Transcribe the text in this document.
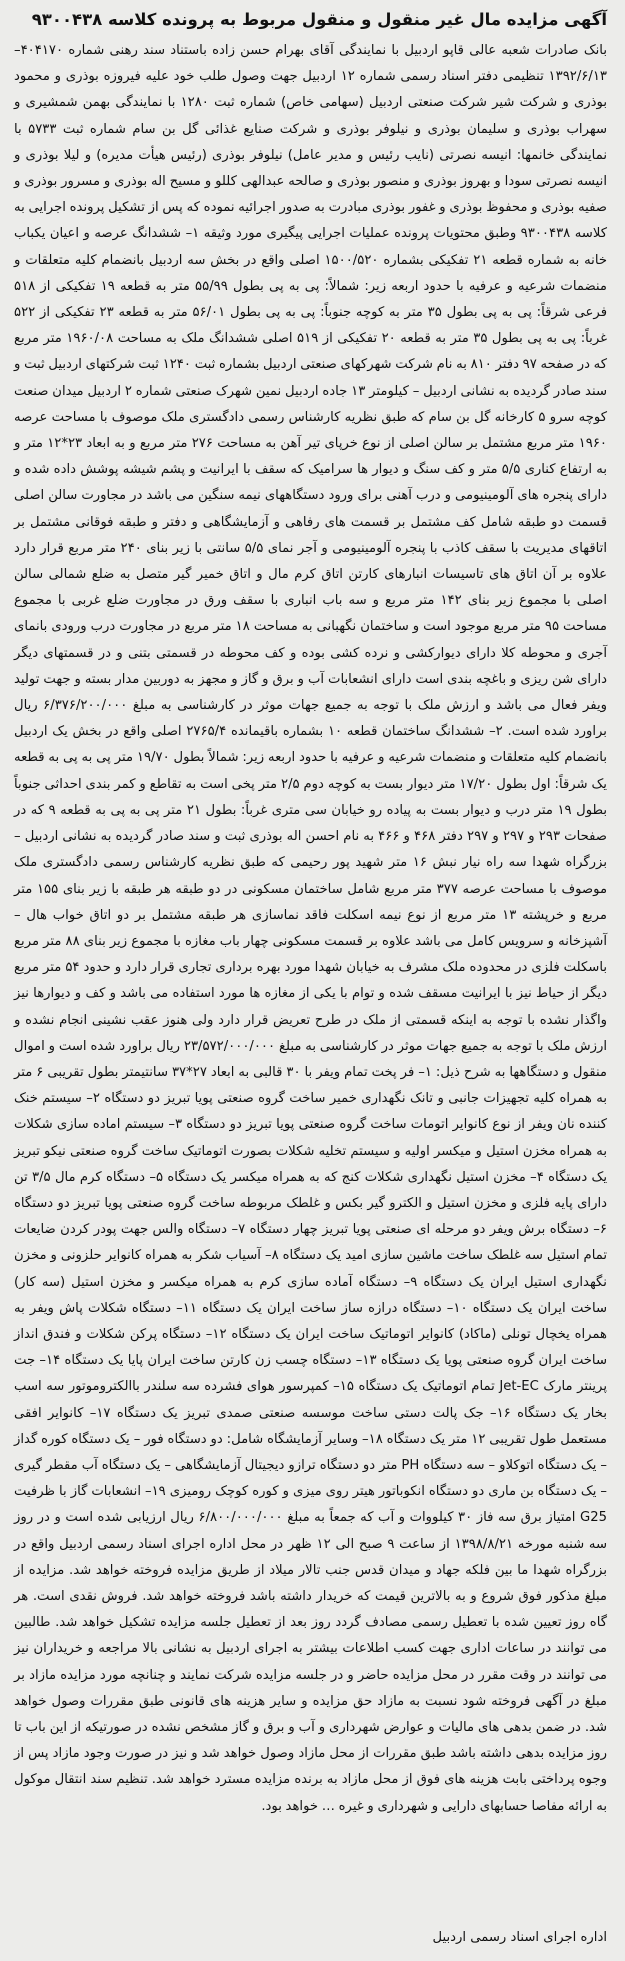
آگهی مزایده مال غیر منقول و منقول مربوط به پرونده کلاسه ۹۳۰۰۴۳۸

بانک صادرات شعبه عالی قاپو اردبیل با نمایندگی آقای بهرام حسن زاده باستناد سند رهنی شماره ۴۰۴۱۷۰–۱۳۹۲/۶/۱۳ تنظیمی دفتر اسناد رسمی شماره ۱۲ اردبیل جهت وصول طلب خود علیه فیروزه بوذری و محمود بوذری و شرکت شیر شرکت صنعتی اردبیل (سهامی خاص) شماره ثبت ۱۲۸۰ با نمایندگی بهمن شمشیری و سهراب بوذری و سلیمان بوذری و نیلوفر بوذری و شرکت صنایع غذائی گل بن سام شماره ثبت ۵۷۳۳ با نمایندگی خانمها: انیسه نصرتی (نایب رئیس و مدیر عامل) نیلوفر بوذری (رئیس هیأت مدیره) و لیلا بوذری و انیسه نصرتی سودا و بهروز بوذری و منصور بوذری و صالحه عبدالهی کللو و مسیح اله بوذری و مسرور بوذری و صفیه بوذری و محفوظ بوذری و غفور بوذری مبادرت به صدور اجرائیه نموده که پس از تشکیل پرونده اجرایی به کلاسه ۹۳۰۰۴۳۸ وطبق محتویات پرونده عملیات اجرایی پیگیری مورد وثیقه ۱– ششدانگ عرصه و اعیان یکباب خانه به شماره قطعه ۲۱ تفکیکی بشماره ۱۵۰۰/۵۲۰ اصلی واقع در بخش سه اردبیل بانضمام کلیه متعلقات و منضمات شرعیه و عرفیه با حدود اربعه زیر: شمالاً: پی به پی بطول ۵۵/۹۹ متر به قطعه ۱۹ تفکیکی از ۵۱۸ فرعی شرقاً: پی به پی بطول ۳۵ متر به کوچه جنوباً: پی به پی بطول ۵۶/۰۱ متر به قطعه ۲۳ تفکیکی از ۵۲۲ غرباً: پی به پی بطول ۳۵ متر به قطعه ۲۰ تفکیکی از ۵۱۹ اصلی ششدانگ ملک به مساحت ۱۹۶۰/۰۸ متر مربع که در صفحه ۹۷ دفتر ۸۱۰ به نام شرکت شهرکهای صنعتی اردبیل بشماره ثبت ۱۲۴۰ ثبت شرکتهای اردبیل ثبت و سند صادر گردیده به نشانی اردبیل – کیلومتر ۱۳ جاده اردبیل نمین شهرک صنعتی شماره ۲ اردبیل میدان صنعت کوچه سرو ۵ کارخانه گل بن سام که طبق نظریه کارشناس رسمی دادگستری ملک موصوف با مساحت عرصه ۱۹۶۰ متر مربع مشتمل بر سالن اصلی از نوع خرپای تیر آهن به مساحت ۲۷۶ متر مربع و به ابعاد ۲۳*۱۲ متر و به ارتفاع کناری ۵/۵ متر و کف سنگ و دیوار ها سرامیک که سقف با ایرانیت و پشم شیشه پوشش داده شده و دارای پنجره های آلومینیومی و درب آهنی برای ورود دستگاههای نیمه سنگین می باشد در مجاورت سالن اصلی قسمت دو طبقه شامل کف مشتمل بر قسمت های رفاهی و آزمایشگاهی و دفتر و طبقه فوقانی مشتمل بر اتاقهای مدیریت با سقف کاذب با پنجره آلومینیومی و آجر نمای ۵/۵ سانتی با زیر بنای ۲۴۰ متر مربع قرار دارد علاوه بر آن اتاق های تاسیسات انبارهای کارتن اتاق کرم مال و اتاق خمیر گیر متصل به ضلع شمالی سالن اصلی با مجموع زیر بنای ۱۴۲ متر مربع و سه باب انباری با سقف ورق در مجاورت ضلع غربی با مجموع مساحت ۹۵ متر مربع موجود است و ساختمان نگهبانی به مساحت ۱۸ متر مربع در مجاورت درب ورودی بانمای آجری و محوطه کلا دارای دیوارکشی و نرده کشی بوده و کف محوطه در قسمتی بتنی و در قسمتهای دیگر دارای شن ریزی و باغچه بندی است دارای انشعابات آب و برق و گاز و مجهز به دوربین مدار بسته و جهت تولید ویفر فعال می باشد و ارزش ملک با توجه به جمیع جهات موثر در کارشناسی به مبلغ ۶/۳۷۶/۲۰۰/۰۰۰ ریال براورد شده است. ۲– ششدانگ ساختمان قطعه ۱۰ بشماره باقیمانده ۲۷۶۵/۴ اصلی واقع در بخش یک اردبیل بانضمام کلیه متعلقات و منضمات شرعیه و عرفیه با حدود اربعه زیر: شمالاً بطول ۱۹/۷۰ متر پی به پی به قطعه یک شرقاً: اول بطول ۱۷/۲۰ متر دیوار بست به کوچه دوم ۲/۵ متر پخی است به تقاطع و کمر بندی احداثی جنوباً بطول ۱۹ متر درب و دیوار بست به پیاده رو خیابان سی متری غرباً: بطول ۲۱ متر پی به پی به قطعه ۹ که در صفحات ۲۹۳ و ۲۹۷ و ۲۹۷ دفتر ۴۶۸ و ۴۶۶ به نام احسن اله بوذری ثبت و سند صادر گردیده به نشانی اردبیل – بزرگراه شهدا سه راه نیار نبش ۱۶ متر شهید پور رحیمی که طبق نظریه کارشناس رسمی دادگستری ملک موصوف با مساحت عرصه ۳۷۷ متر مربع شامل ساختمان مسکونی در دو طبقه هر طبقه با زیر بنای ۱۵۵ متر مربع و خرپشته ۱۳ متر مربع از نوع نیمه اسکلت فاقد نماسازی هر طبقه مشتمل بر دو اتاق خواب هال – آشپزخانه و سرویس کامل می باشد علاوه بر قسمت مسکونی چهار باب مغازه با مجموع زیر بنای ۸۸ متر مربع باسکلت فلزی در محدوده ملک مشرف به خیابان شهدا مورد بهره برداری تجاری قرار دارد و حدود ۵۴ متر مربع دیگر از حیاط نیز با ایرانیت مسقف شده و توام با یکی از مغازه ها مورد استفاده می باشد و کف و دیوارها نیز واگذار نشده با توجه به اینکه قسمتی از ملک در طرح تعریض قرار دارد ولی هنوز عقب نشینی انجام نشده و ارزش ملک با توجه به جمیع جهات موثر در کارشناسی به مبلغ ۲۳/۵۷۲/۰۰۰/۰۰۰ ریال براورد شده است و اموال منقول و دستگاهها به شرح ذیل: ۱– فر پخت تمام ویفر با ۳۰ قالبی به ابعاد ۲۷*۳۷ سانتیمتر بطول تقریبی ۶ متر به همراه کلیه تجهیزات جانبی و تانک نگهداری خمیر ساخت گروه صنعتی پویا تبریز دو دستگاه ۲– سیستم خنک کننده نان ویفر از نوع کانوایر اتومات ساخت گروه صنعتی پویا تبریز دو دستگاه ۳– سیستم اماده سازی شکلات به همراه مخزن استیل و میکسر اولیه و سیستم تخلیه شکلات بصورت اتوماتیک ساخت گروه صنعتی نیکو تبریز یک دستگاه ۴– مخزن استیل نگهداری شکلات کنج که به همراه میکسر یک دستگاه ۵– دستگاه کرم مال ۳/۵ تن دارای پایه فلزی و مخزن استیل و الکترو گیر بکس و غلطک مربوطه ساخت گروه صنعتی پویا تبریز دو دستگاه ۶– دستگاه برش ویفر دو مرحله ای صنعتی پویا تبریز چهار دستگاه ۷– دستگاه والس جهت پودر کردن ضایعات تمام استیل سه غلطک ساخت ماشین سازی امید یک دستگاه ۸– آسیاب شکر به همراه کانوایر حلزونی و مخزن نگهداری استیل ایران یک دستگاه ۹– دستگاه آماده سازی کرم به همراه میکسر و مخزن استیل (سه کار) ساخت ایران یک دستگاه ۱۰– دستگاه درازه ساز ساخت ایران یک دستگاه ۱۱– دستگاه شکلات پاش ویفر به همراه یخچال تونلی (ماکاد) کانوایر اتوماتیک ساخت ایران یک دستگاه ۱۲– دستگاه پرکن شکلات و فندق انداز ساخت ایران گروه صنعتی پویا یک دستگاه ۱۳– دستگاه چسب زن کارتن ساخت ایران پایا یک دستگاه ۱۴– جت پرینتر مارک Jet-EC تمام اتوماتیک یک دستگاه ۱۵– کمپرسور هوای فشرده سه سلندر باالکتروموتور سه اسب بخار یک دستگاه ۱۶– جک پالت دستی ساخت موسسه صنعتی صمدی تبریز یک دستگاه ۱۷– کانوایر افقی مستعمل طول تقریبی ۱۲ متر یک دستگاه ۱۸– وسایر آزمایشگاه شامل: دو دستگاه فور – یک دستگاه کوره گداز – یک دستگاه اتوکلاو – سه دستگاه PH متر دو دستگاه ترازو دیجیتال آزمایشگاهی – یک دستگاه آب مقطر گیری – یک دستگاه بن ماری دو دستگاه انکوباتور هیتر روی میزی و کوره کوچک رومیزی ۱۹– انشعابات گاز با ظرفیت G25 امتیاز برق سه فاز ۳۰ کیلووات و آب که جمعاً به مبلغ ۶/۸۰۰/۰۰۰/۰۰۰ ریال ارزیابی شده است و در روز سه شنبه مورخه ۱۳۹۸/۸/۲۱ از ساعت ۹ صبح الی ۱۲ ظهر در محل اداره اجرای اسناد رسمی اردبیل واقع در بزرگراه شهدا ما بین فلکه جهاد و میدان قدس جنب تالار میلاد از طریق مزایده فروخته خواهد شد. مزایده از مبلغ مذکور فوق شروع و به بالاترین قیمت که خریدار داشته باشد فروخته خواهد شد. فروش نقدی است. هر گاه روز تعیین شده با تعطیل رسمی مصادف گردد روز بعد از تعطیل جلسه مزایده تشکیل خواهد شد. طالبین می توانند در ساعات اداری جهت کسب اطلاعات بیشتر به اجرای اردبیل به نشانی بالا مراجعه و خریداران نیز می توانند در وقت مقرر در محل مزایده حاضر و در جلسه مزایده شرکت نمایند و چنانچه مورد مزایده مازاد بر مبلغ در آگهی فروخته شود نسبت به مازاد حق مزایده و سایر هزینه های قانونی طبق مقررات وصول خواهد شد. در ضمن بدهی های مالیات و عوارض شهرداری و آب و برق و گاز مشخص نشده در صورتیکه از این باب تا روز مزایده بدهی داشته باشد طبق مقررات از محل مازاد وصول خواهد شد و نیز در صورت وجود مازاد پس از وجوه پرداختی بابت هزینه های فوق از محل مازاد به برنده مزایده مسترد خواهد شد. تنظیم سند انتقال موکول به ارائه مفاصا حسابهای دارایی و شهرداری و غیره … خواهد بود.

اداره اجرای اسناد رسمی اردبیل
